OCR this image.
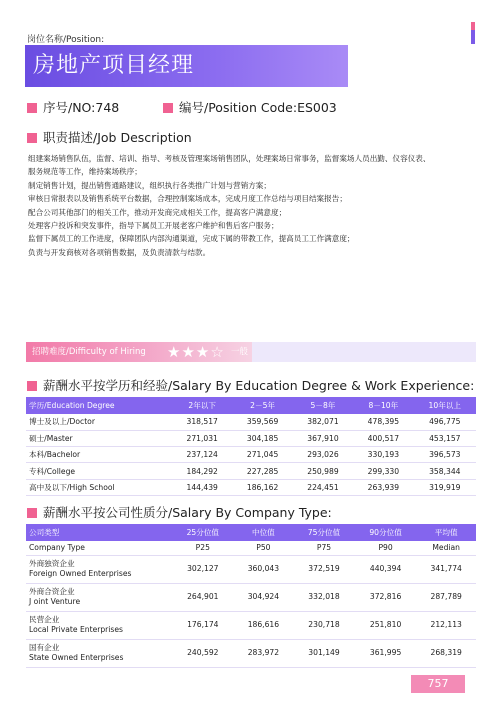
岗位名称/Position:
房地产项目经理
序号/NO:748	编号/Position Code:ES003
职责描述/Job Description
组建案场销售队伍，监督、培训、指导、考核及管理案场销售团队，处理案场日常事务，监督案场人员出勤、仪容仪表、
服务规范等工作，维持案场秩序；
制定销售计划，提出销售通路建议，组织执行各类推广计划与营销方案；
审核日常报表以及销售系统平台数据，合理控制案场成本，完成月度工作总结与项目结案报告；
配合公司其他部门的相关工作，推动开发商完成相关工作，提高客户满意度；
处理客户投诉和突发事件，指导下属员工开展老客户维护和售后客户服务；
监督下属员工的工作进度，保障团队内部沟通渠道，完成下属的带教工作，提高员工工作满意度；
负责与开发商核对各项销售数据，及负责清款与结款。
招聘难度/Difficulty of Hiring ★★★☆ 一般
薪酬水平按学历和经验/Salary By Education Degree & Work Experience:
学历/Education Degree	2年以下	2－5年	5－8年	8－10年	10年以上
博士及以上/Doctor	318,517	359,569	382,071	478,395	496,775
硕士/Master	271,031	304,185	367,910	400,517	453,157
本科/Bachelor	237,124	271,045	293,026	330,193	396,573
专科/College	184,292	227,285	250,989	299,330	358,344
高中及以下/High School	144,439	186,162	224,451	263,939	319,919
薪酬水平按公司性质分/Salary By Company Type:
公司类型	25分位值	中位值	75分位值	90分位值	平均值
Company Type	P25	P50	P75	P90	Median

外商独资企业
Foreign Owned Enterprises	302,127	360,043	372,519	440,394	341,774

外商合资企业
J oint Venture	264,901	304,924	332,018	372,816	287,789

民营企业
Local Private Enterprises	176,174	186,616	230,718	251,810	212,113

国有企业
State Owned Enterprises	240,592	283,972	301,149	361,995	268,319
757
